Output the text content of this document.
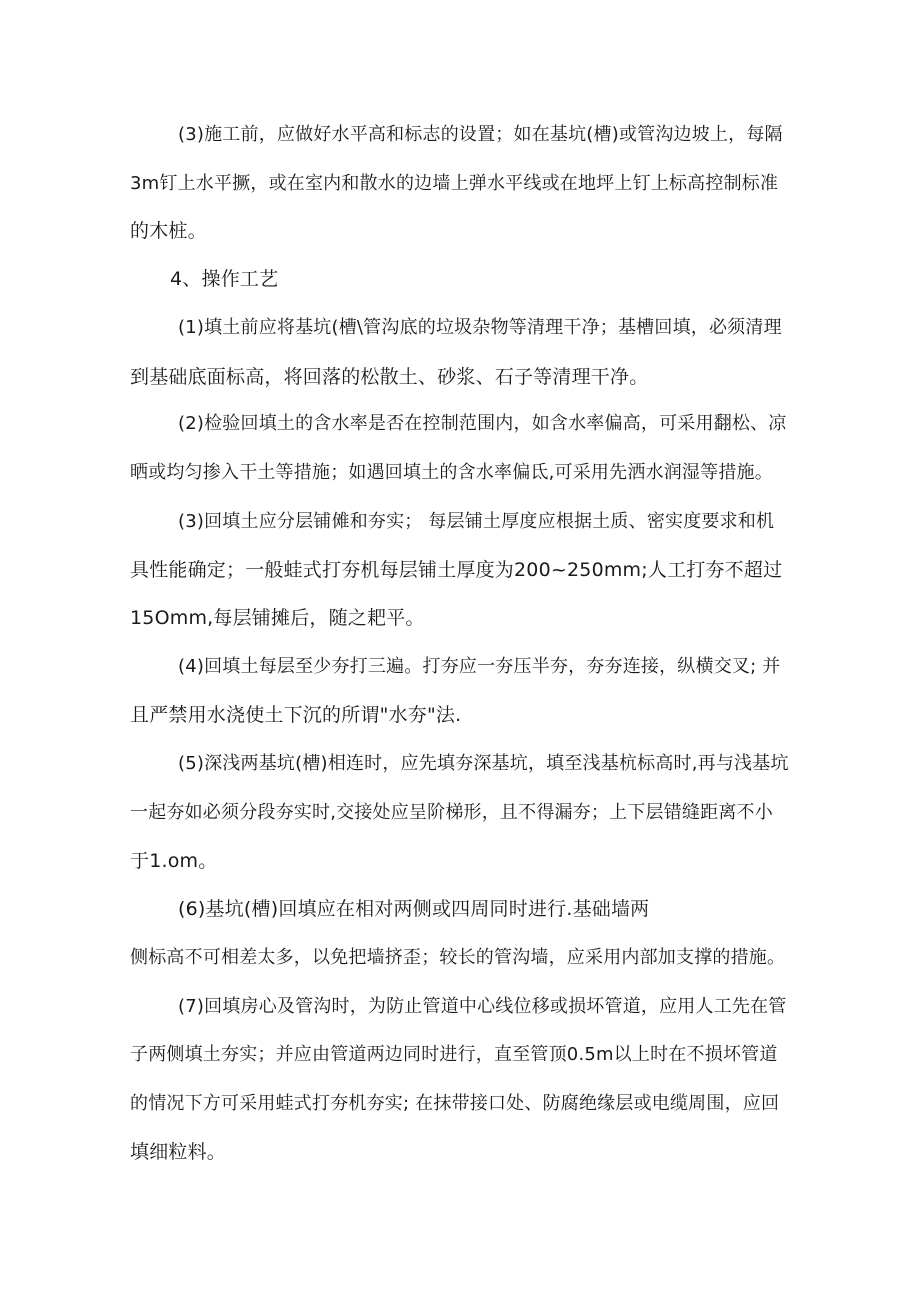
(3)施工前，应做好水平高和标志的设置；如在基坑(槽)或管沟边坡上，每隔
3m钉上水平撅，或在室内和散水的边墙上弹水平线或在地坪上钉上标高控制标准
的木桩。
4、操作工艺
(1)填土前应将基坑(槽\管沟底的垃圾杂物等清理干净；基槽回填，必须清理
到基础底面标高，将回落的松散土、砂浆、石子等清理干净。
(2)检验回填土的含水率是否在控制范围内，如含水率偏高，可采用翻松、凉
晒或均匀掺入干土等措施；如遇回填土的含水率偏氐,可采用先洒水润湿等措施。
(3)回填土应分层铺傩和夯实； 每层铺土厚度应根据土质、密实度要求和机
具性能确定；一般蛙式打夯机每层铺土厚度为200~250mm;人工打夯不超过
15Omm,每层铺摊后，随之耙平。
(4)回填土每层至少夯打三遍。打夯应一夯压半夯，夯夯连接，纵横交叉; 并
且严禁用水浇使土下沉的所谓"水夯"法.
(5)深浅两基坑(槽)相连时，应先填夯深基坑，填至浅基杭标高时,再与浅基坑
一起夯如必须分段夯实时,交接处应呈阶梯形，且不得漏夯；上下层错缝距离不小
于1.om。
(6)基坑(槽)回填应在相对两侧或四周同时进行.基础墙两
侧标高不可相差太多，以免把墙挤歪；较长的管沟墙，应采用内部加支撑的措施。
(7)回填房心及管沟时，为防止管道中心线位移或损坏管道，应用人工先在管
子两侧填土夯实；并应由管道两边同时进行，直至管顶0.5m以上时在不损坏管道
的情况下方可采用蛙式打夯机夯实; 在抹带接口处、防腐绝缘层或电缆周围，应回
填细粒料。
